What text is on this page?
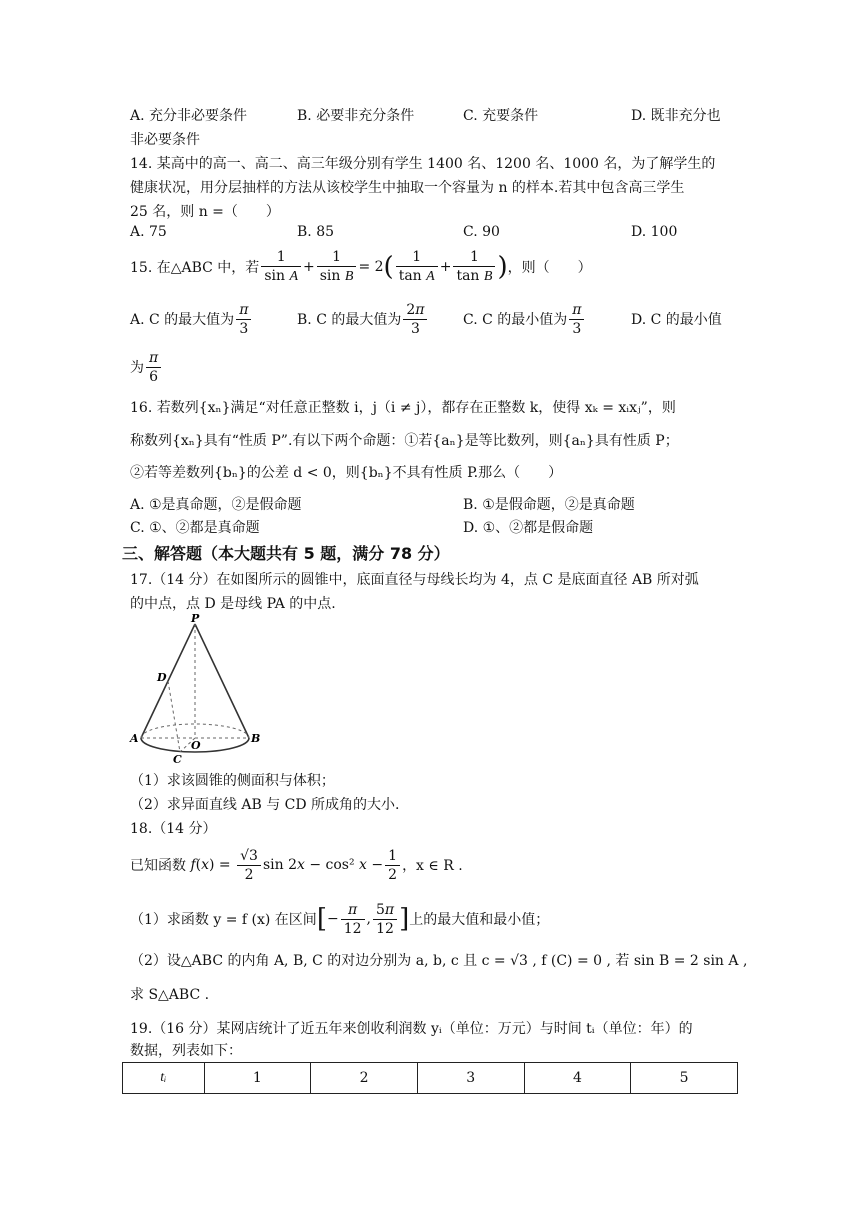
A. 充分非必要条件	B. 必要非充分条件	C. 充要条件	D. 既非充分也
非必要条件
14. 某高中的高一、高二、高三年级分别有学生 1400 名、1200 名、1000 名，为了解学生的
健康状况，用分层抽样的方法从该校学生中抽取一个容量为 n 的样本.若其中包含高三学生
25 名，则 n =（　　）
A. 75	B. 85	C. 90	D. 100
15. 在△ABC 中，若 $\frac{1}{\text{sin A}} + \frac{1}{\text{sin B}} = 2$ ( $\frac{1}{\text{tan A}} + \frac{1}{\text{tan B}}$ ) ，则（　　）
A. C 的最大值为 $\frac{\pi}{3}$	B. C 的最大值为 $\frac{2\pi}{3}$	C. C 的最小值为 $\frac{\pi}{3}$	D. C 的最小值
为 $\frac{\pi}{6}$
16. 若数列{xₙ}满足“对任意正整数 i，j（i ≠ j），都存在正整数 k，使得 xₖ = xᵢxⱼ”，则
称数列{xₙ}具有“性质 P”.有以下两个命题：①若{aₙ}是等比数列，则{aₙ}具有性质 P；
②若等差数列{bₙ}的公差 d < 0，则{bₙ}不具有性质 P.那么（　　）
A. ①是真命题，②是假命题	B. ①是假命题，②是真命题
C. ①、②都是真命题	D. ①、②都是假命题
三、解答题（本大题共有 5 题，满分 78 分）
17.（14 分）在如图所示的圆锥中，底面直径与母线长均为 4，点 C 是底面直径 AB 所对弧
的中点，点 D 是母线 PA 的中点.
P
D
A
O
B
C
（1）求该圆锥的侧面积与体积；
（2）求异面直线 AB 与 CD 所成角的大小.
18.（14 分）
已知函数 $f(x) = \frac{√3}{2}$ sin 2x − cos² $x - \frac{1}{2}$ ，x ∈ R .
（1）求函数 y = f (x) 在区间 [ − $\frac{\pi}{12}$ , $\frac{5\pi}{12}$ ] 上的最大值和最小值；
（2）设△ABC 的内角 A, B, C 的对边分别为 a, b, c 且 c = √3 , f (C) = 0 , 若 sin B = 2 sin A ,
求 S△ABC .
19.（16 分）某网店统计了近五年来创收利润数 yᵢ（单位：万元）与时间 tᵢ（单位：年）的
数据，列表如下：
tᵢ	1	2	3	4	5
